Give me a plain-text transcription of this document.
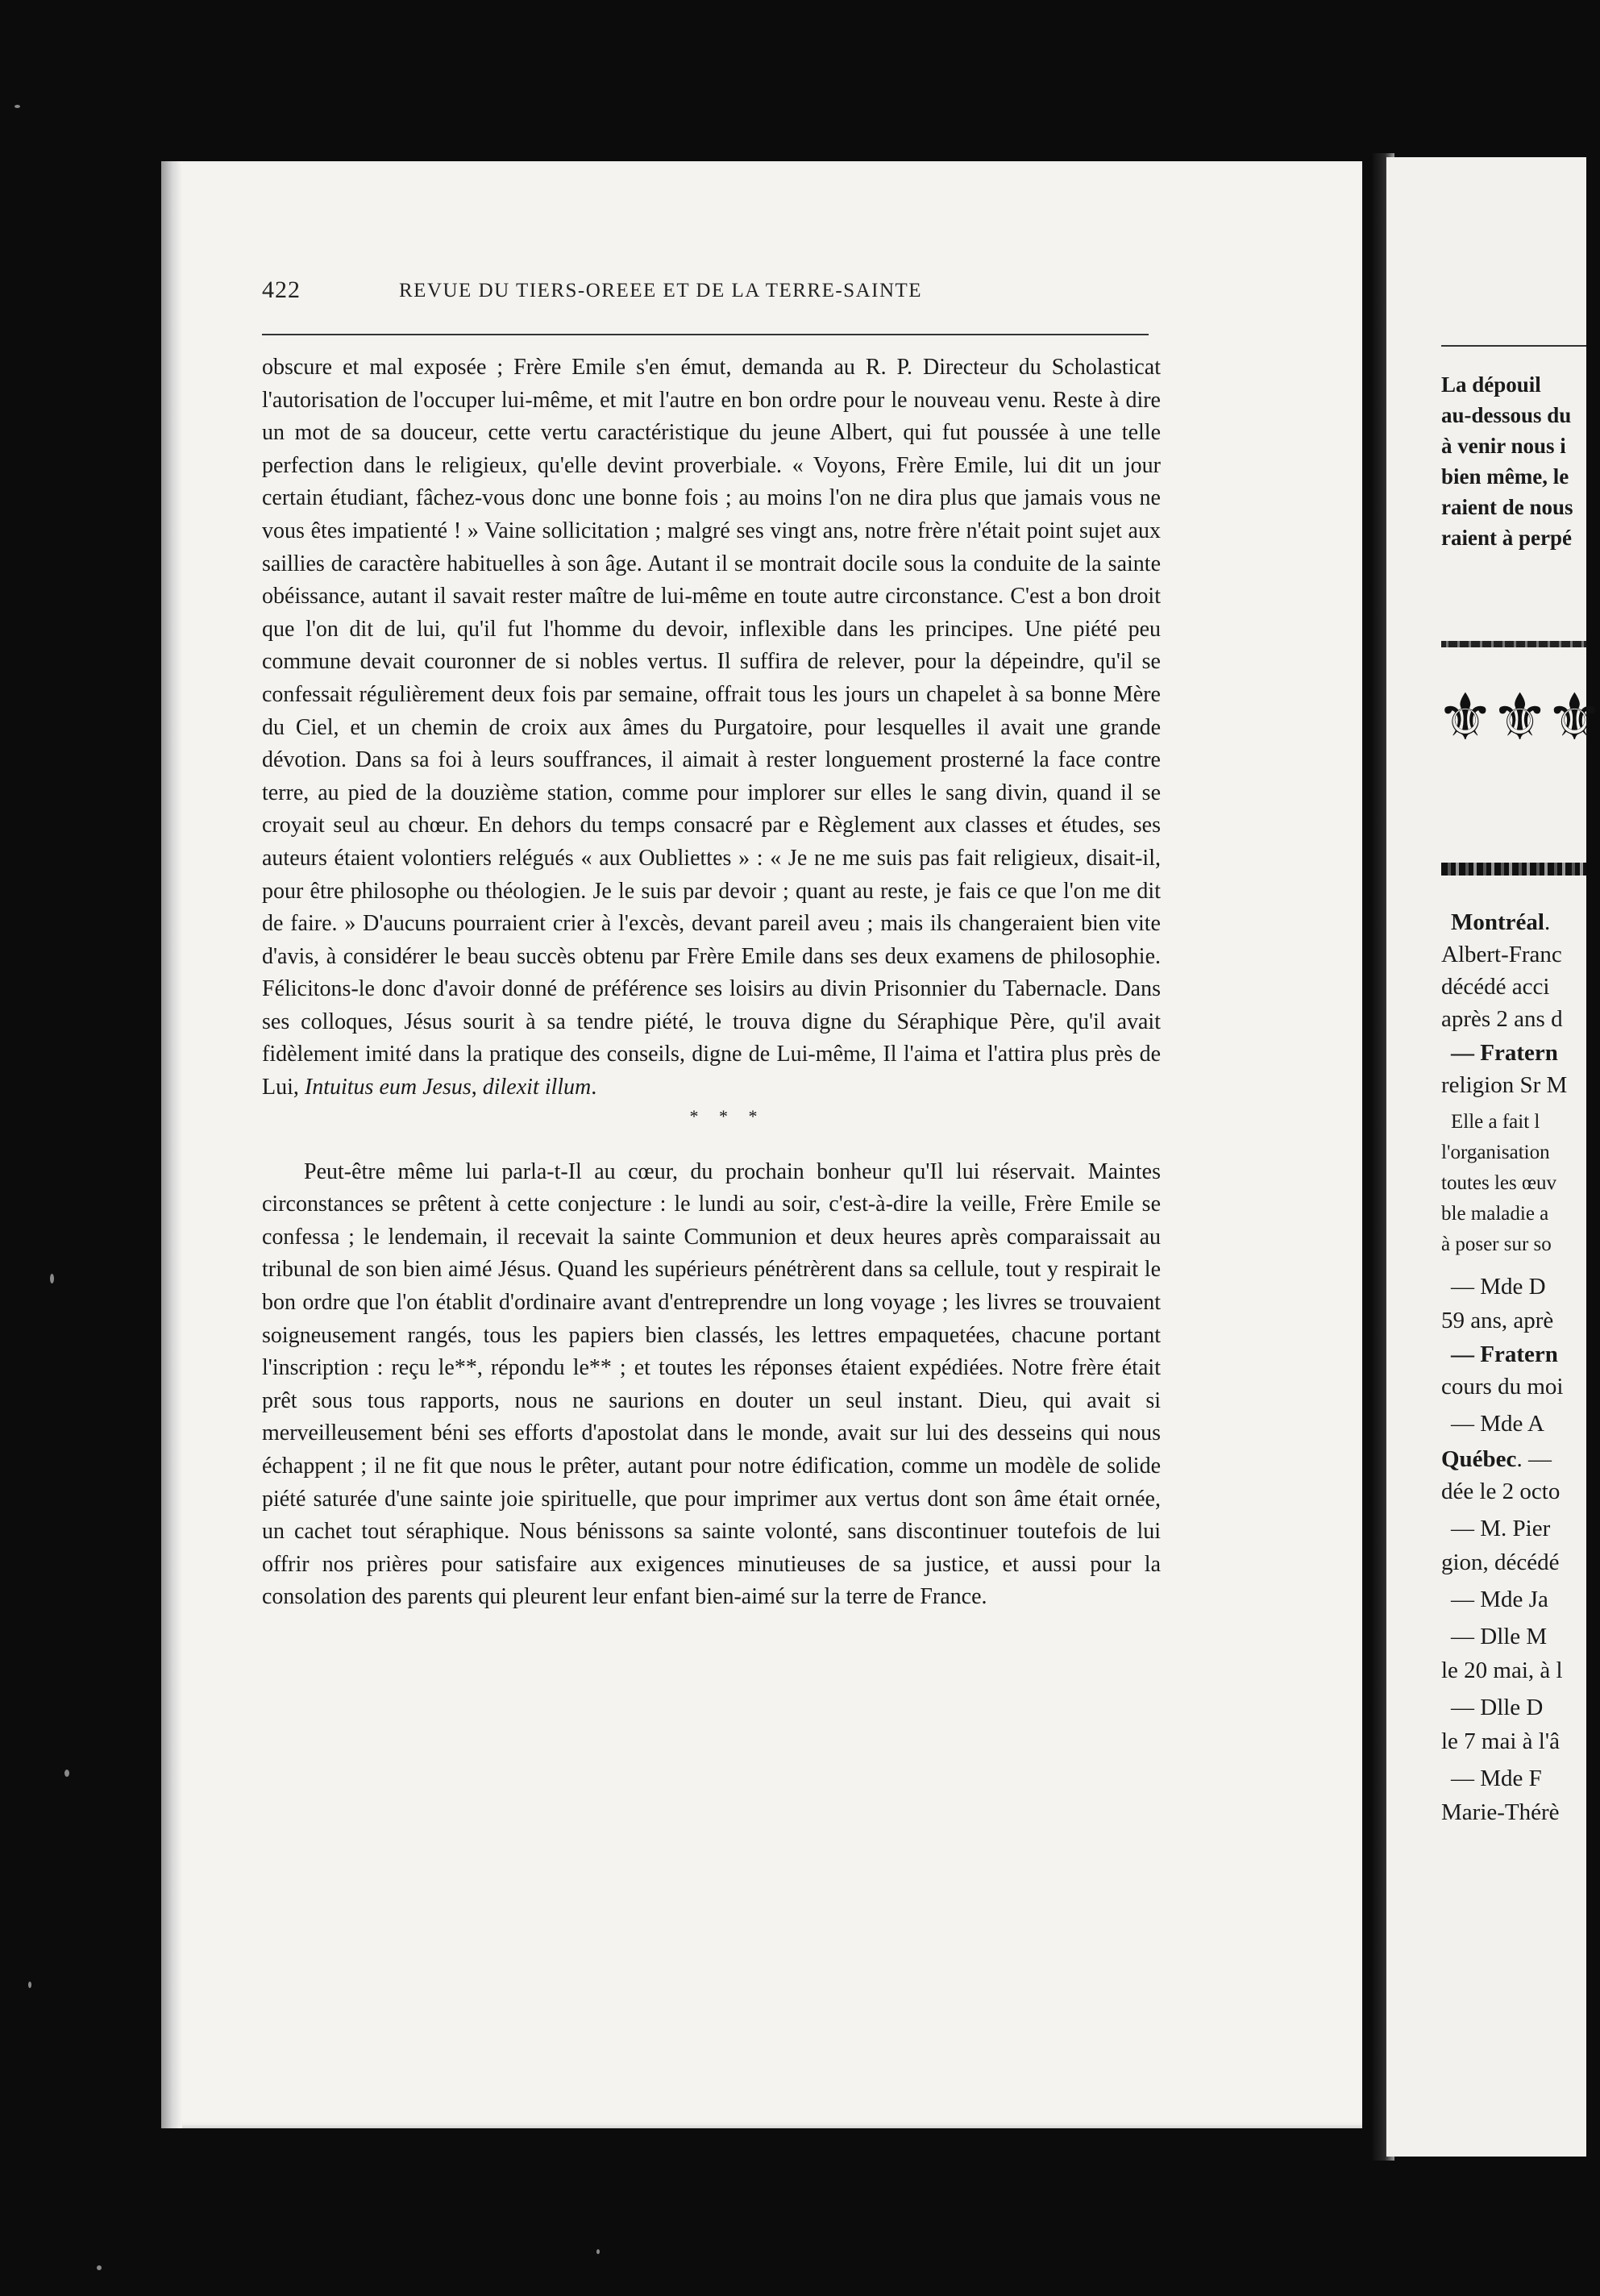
422	REVUE DU TIERS-OREEE ET DE LA TERRE-SAINTE

obscure et mal exposée ; Frère Emile s'en émut, demanda au R. P. Directeur du Scholasticat l'autorisation de l'occuper lui-même, et mit l'autre en bon ordre pour le nouveau venu. Reste à dire un mot de sa douceur, cette vertu caractéristique du jeune Albert, qui fut poussée à une telle perfection dans le religieux, qu'elle devint proverbiale. « Voyons, Frère Emile, lui dit un jour certain étudiant, fâchez-vous donc une bonne fois ; au moins l'on ne dira plus que jamais vous ne vous êtes impatienté ! » Vaine sollicitation ; malgré ses vingt ans, notre frère n'était point sujet aux saillies de caractère habituelles à son âge. Autant il se montrait docile sous la conduite de la sainte obéissance, autant il savait rester maître de lui-même en toute autre circonstance. C'est a bon droit que l'on dit de lui, qu'il fut l'homme du devoir, inflexible dans les principes. Une piété peu commune devait couronner de si nobles vertus. Il suffira de relever, pour la dépeindre, qu'il se confessait régulièrement deux fois par semaine, offrait tous les jours un chapelet à sa bonne Mère du Ciel, et un chemin de croix aux âmes du Purgatoire, pour lesquelles il avait une grande dévotion. Dans sa foi à leurs souffrances, il aimait à rester longuement prosterné la face contre terre, au pied de la douzième station, comme pour implorer sur elles le sang divin, quand il se croyait seul au chœur. En dehors du temps consacré par e Règlement aux classes et études, ses auteurs étaient volontiers relégués « aux Oubliettes » : « Je ne me suis pas fait religieux, disait-il, pour être philosophe ou théologien. Je le suis par devoir ; quant au reste, je fais ce que l'on me dit de faire. » D'aucuns pourraient crier à l'excès, devant pareil aveu ; mais ils changeraient bien vite d'avis, à considérer le beau succès obtenu par Frère Emile dans ses deux examens de philosophie. Félicitons-le donc d'avoir donné de préférence ses loisirs au divin Prisonnier du Tabernacle. Dans ses colloques, Jésus sourit à sa tendre piété, le trouva digne du Séraphique Père, qu'il avait fidèlement imité dans la pratique des conseils, digne de Lui-même, Il l'aima et l'attira plus près de Lui, Intuitus eum Jesus, dilexit illum.

* * *

Peut-être même lui parla-t-Il au cœur, du prochain bonheur qu'Il lui réservait. Maintes circonstances se prêtent à cette conjecture : le lundi au soir, c'est-à-dire la veille, Frère Emile se confessa ; le lendemain, il recevait la sainte Communion et deux heures après comparaissait au tribunal de son bien aimé Jésus. Quand les supérieurs pénétrèrent dans sa cellule, tout y respirait le bon ordre que l'on établit d'ordinaire avant d'entreprendre un long voyage ; les livres se trouvaient soigneusement rangés, tous les papiers bien classés, les lettres empaquetées, chacune portant l'inscription : reçu le**, répondu le** ; et toutes les réponses étaient expédiées. Notre frère était prêt sous tous rapports, nous ne saurions en douter un seul instant. Dieu, qui avait si merveilleusement béni ses efforts d'apostolat dans le monde, avait sur lui des desseins qui nous échappent ; il ne fit que nous le prêter, autant pour notre édification, comme un modèle de solide piété saturée d'une sainte joie spirituelle, que pour imprimer aux vertus dont son âme était ornée, un cachet tout séraphique. Nous bénissons sa sainte volonté, sans discontinuer toutefois de lui offrir nos prières pour satisfaire aux exigences minutieuses de sa justice, et aussi pour la consolation des parents qui pleurent leur enfant bien-aimé sur la terre de France.

La dépouil
au-dessous du
à venir nous i
bien même, le
raient de nous
raient à perpé
⚜⚜⚜
Montréal.
Albert-Franc
décédé acci
après 2 ans d
— Fratern
religion Sr M
Elle a fait l
l'organisation
toutes les œuv
ble maladie a
à poser sur so
— Mde D
59 ans, aprè
— Fratern
cours du moi
— Mde A
Québec. —
dée le 2 octo
— M. Pier
gion, décédé
— Mde Ja
— Dlle M
le 20 mai, à l
— Dlle D
le 7 mai à l'â
— Mde F
Marie-Thérè
